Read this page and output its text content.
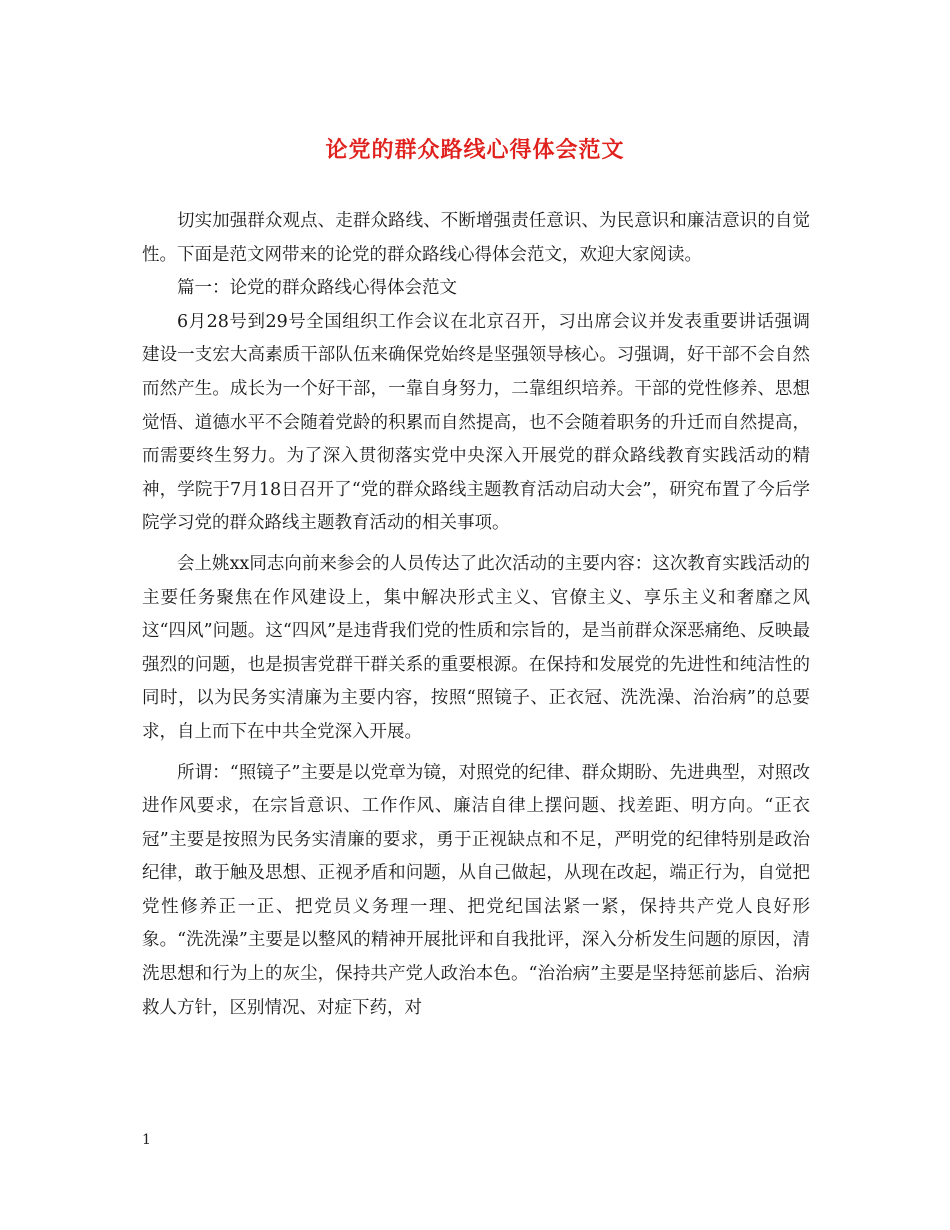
论党的群众路线心得体会范文

切实加强群众观点、走群众路线、不断增强责任意识、为民意识和廉洁意识的自觉性。下面是范文网带来的论党的群众路线心得体会范文，欢迎大家阅读。

篇一：论党的群众路线心得体会范文

6月28号到29号全国组织工作会议在北京召开，习出席会议并发表重要讲话强调建设一支宏大高素质干部队伍来确保党始终是坚强领导核心。习强调，好干部不会自然而然产生。成长为一个好干部，一靠自身努力，二靠组织培养。干部的党性修养、思想觉悟、道德水平不会随着党龄的积累而自然提高，也不会随着职务的升迁而自然提高，而需要终生努力。为了深入贯彻落实党中央深入开展党的群众路线教育实践活动的精神，学院于7月18日召开了“党的群众路线主题教育活动启动大会”，研究布置了今后学院学习党的群众路线主题教育活动的相关事项。

会上姚xx同志向前来参会的人员传达了此次活动的主要内容：这次教育实践活动的主要任务聚焦在作风建设上，集中解决形式主义、官僚主义、享乐主义和奢靡之风这“四风”问题。这“四风”是违背我们党的性质和宗旨的，是当前群众深恶痛绝、反映最强烈的问题，也是损害党群干群关系的重要根源。在保持和发展党的先进性和纯洁性的同时，以为民务实清廉为主要内容，按照“照镜子、正衣冠、洗洗澡、治治病”的总要求，自上而下在中共全党深入开展。

所谓：“照镜子”主要是以党章为镜，对照党的纪律、群众期盼、先进典型，对照改进作风要求，在宗旨意识、工作作风、廉洁自律上摆问题、找差距、明方向。“正衣冠”主要是按照为民务实清廉的要求，勇于正视缺点和不足，严明党的纪律特别是政治纪律，敢于触及思想、正视矛盾和问题，从自己做起，从现在改起，端正行为，自觉把党性修养正一正、把党员义务理一理、把党纪国法紧一紧，保持共产党人良好形象。“洗洗澡”主要是以整风的精神开展批评和自我批评，深入分析发生问题的原因，清洗思想和行为上的灰尘，保持共产党人政治本色。“治治病”主要是坚持惩前毖后、治病救人方针，区别情况、对症下药，对

1
